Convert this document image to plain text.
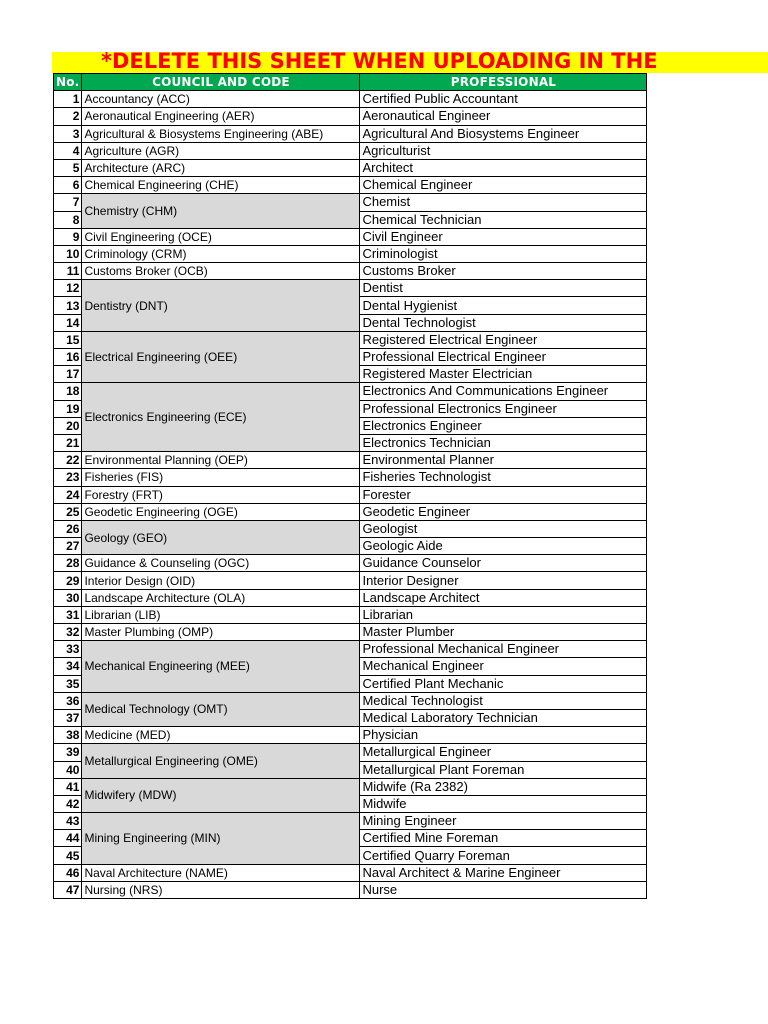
*DELETE THIS SHEET WHEN UPLOADING IN THE
No.	COUNCIL AND CODE	PROFESSIONAL
1	Accountancy (ACC)	Certified Public Accountant
2	Aeronautical Engineering (AER)	Aeronautical Engineer
3	Agricultural & Biosystems Engineering (ABE)	Agricultural And Biosystems Engineer
4	Agriculture (AGR)	Agriculturist
5	Architecture (ARC)	Architect
6	Chemical Engineering (CHE)	Chemical Engineer
7	Chemistry (CHM)	Chemist
8		Chemical Technician
9	Civil Engineering (OCE)	Civil Engineer
10	Criminology (CRM)	Criminologist
11	Customs Broker (OCB)	Customs Broker
12	Dentistry (DNT)	Dentist
13		Dental Hygienist
14		Dental Technologist
15	Electrical Engineering (OEE)	Registered Electrical Engineer
16		Professional Electrical Engineer
17		Registered Master Electrician
18	Electronics Engineering (ECE)	Electronics And Communications Engineer
19		Professional Electronics Engineer
20		Electronics Engineer
21		Electronics Technician
22	Environmental Planning (OEP)	Environmental Planner
23	Fisheries (FIS)	Fisheries Technologist
24	Forestry (FRT)	Forester
25	Geodetic Engineering (OGE)	Geodetic Engineer
26	Geology (GEO)	Geologist
27		Geologic Aide
28	Guidance & Counseling (OGC)	Guidance Counselor
29	Interior Design (OID)	Interior Designer
30	Landscape Architecture (OLA)	Landscape Architect
31	Librarian (LIB)	Librarian
32	Master Plumbing (OMP)	Master Plumber
33	Mechanical Engineering (MEE)	Professional Mechanical Engineer
34		Mechanical Engineer
35		Certified Plant Mechanic
36	Medical Technology (OMT)	Medical Technologist
37		Medical Laboratory Technician
38	Medicine (MED)	Physician
39	Metallurgical Engineering (OME)	Metallurgical Engineer
40		Metallurgical Plant Foreman
41	Midwifery (MDW)	Midwife (Ra 2382)
42		Midwife
43	Mining Engineering (MIN)	Mining Engineer
44		Certified Mine Foreman
45		Certified Quarry Foreman
46	Naval Architecture (NAME)	Naval Architect & Marine Engineer
47	Nursing (NRS)	Nurse
